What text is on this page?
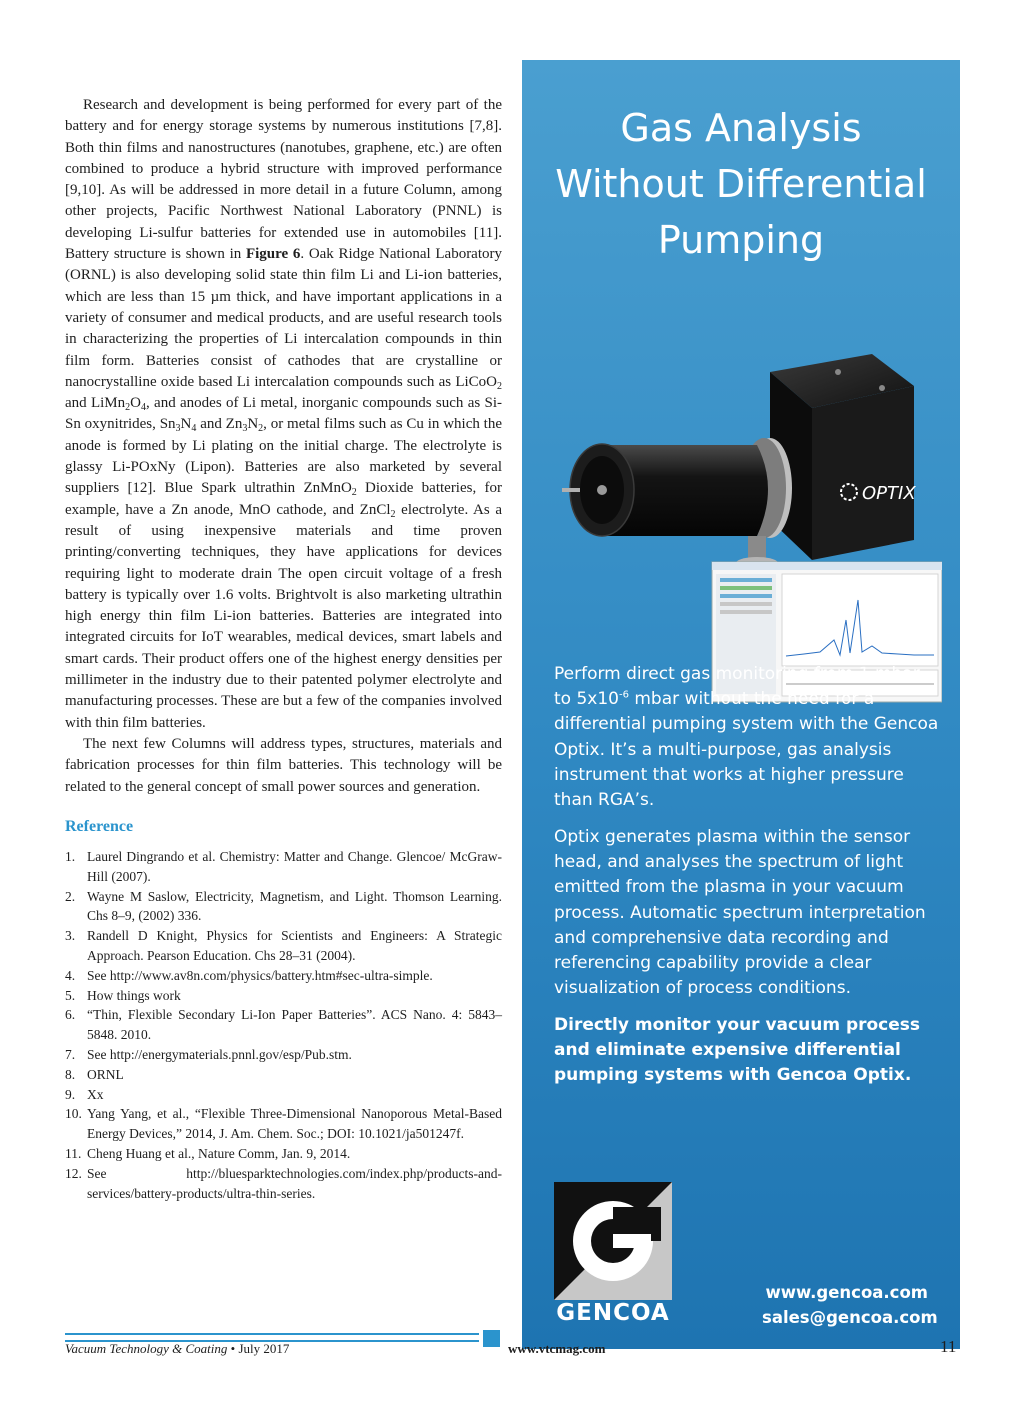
Research and development is being performed for every part of the battery and for energy storage systems by numerous institutions [7,8]. Both thin films and nanostructures (nanotubes, graphene, etc.) are often combined to produce a hybrid structure with improved performance [9,10]. As will be addressed in more detail in a future Column, among other projects, Pacific Northwest National Laboratory (PNNL) is developing Li-sulfur batteries for extended use in automobiles [11]. Battery structure is shown in Figure 6. Oak Ridge National Laboratory (ORNL) is also developing solid state thin film Li and Li-ion batteries, which are less than 15 µm thick, and have important applications in a variety of consumer and medical products, and are useful research tools in characterizing the properties of Li intercalation compounds in thin film form. Batteries consist of cathodes that are crystalline or nanocrystalline oxide based Li intercalation compounds such as LiCoO$_2$ and $LiMn_2O_4$, and anodes of Li metal, inorganic compounds such as Si-Sn oxynitrides, $Sn_3N_4$ and $Zn_3N_2$, or metal films such as Cu in which the anode is formed by Li plating on the initial charge. The electrolyte is glassy Li-POxNy (Lipon). Batteries are also marketed by several suppliers [12]. Blue Spark ultrathin ZnMnO$_2$ Dioxide batteries, for example, have a Zn anode, MnO cathode, and ZnCl$_2$ electrolyte. As a result of using inexpensive materials and time proven printing/converting techniques, they have applications for devices requiring light to moderate drain The open circuit voltage of a fresh battery is typically over 1.6 volts. Brightvolt is also marketing ultrathin high energy thin film Li-ion batteries. Batteries are integrated into integrated circuits for IoT wearables, medical devices, smart labels and smart cards. Their product offers one of the highest energy densities per millimeter in the industry due to their patented polymer electrolyte and manufacturing processes. These are but a few of the companies involved with thin film batteries.

The next few Columns will address types, structures, materials and fabrication processes for thin film batteries. This technology will be related to the general concept of small power sources and generation.

Reference
1. Laurel Dingrando et al. Chemistry: Matter and Change. Glencoe/ McGraw-Hill (2007).
2. Wayne M Saslow, Electricity, Magnetism, and Light. Thomson Learning. Chs 8–9, (2002) 336.
3. Randell D Knight, Physics for Scientists and Engineers: A Strategic Approach. Pearson Education. Chs 28–31 (2004).
4. See http://www.av8n.com/physics/battery.htm#sec-ultra-simple.
5. How things work
6. “Thin, Flexible Secondary Li-Ion Paper Batteries”. ACS Nano. 4: 5843–5848. 2010.
7. See http://energymaterials.pnnl.gov/esp/Pub.stm.
8. ORNL
9. Xx
10. Yang Yang, et al., “Flexible Three-Dimensional Nanoporous Metal-Based Energy Devices,” 2014, J. Am. Chem. Soc.; DOI: 10.1021/ja501247f.
11. Cheng Huang et al., Nature Comm, Jan. 9, 2014.
12. See http://bluesparktechnologies.com/index.php/products-and-services/battery-products/ultra-thin-series.
Gas Analysis
Without Differential
Pumping
OPTIX

Perform direct gas monitoring from 1 mbar to $5x10^{-6}$ mbar without the need for a differential pumping system with the Gencoa Optix. It’s a multi-purpose, gas analysis instrument that works at higher pressure than RGA’s.

Optix generates plasma within the sensor head, and analyses the spectrum of light emitted from the plasma in your vacuum process. Automatic spectrum interpretation and comprehensive data recording and referencing capability provide a clear visualization of process conditions.

Directly monitor your vacuum process and eliminate expensive differential pumping systems with Gencoa Optix.

GENCOA
www.gencoa.com
sales@gencoa.com
Vacuum Technology & Coating • July 2017	www.vtcmag.com	11
